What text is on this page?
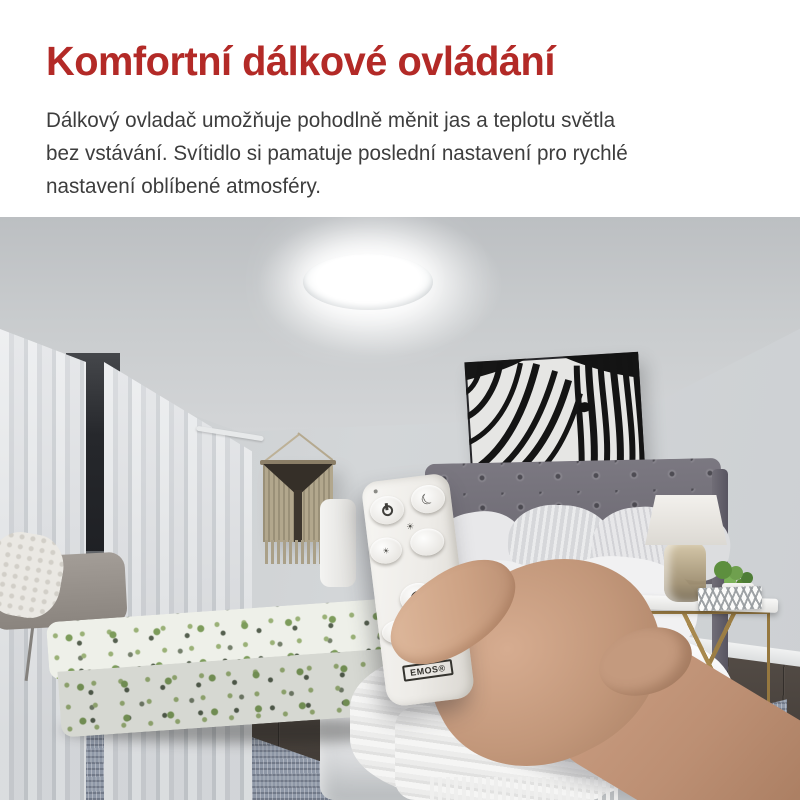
Komfortní dálkové ovládání
Dálkový ovladač umožňuje pohodlně měnit jas a teplotu světla
bez vstávání. Svítidlo si pamatuje poslední nastavení pro rychlé
nastavení oblíbené atmosféry.
☾
☀
☀
EMOS®
